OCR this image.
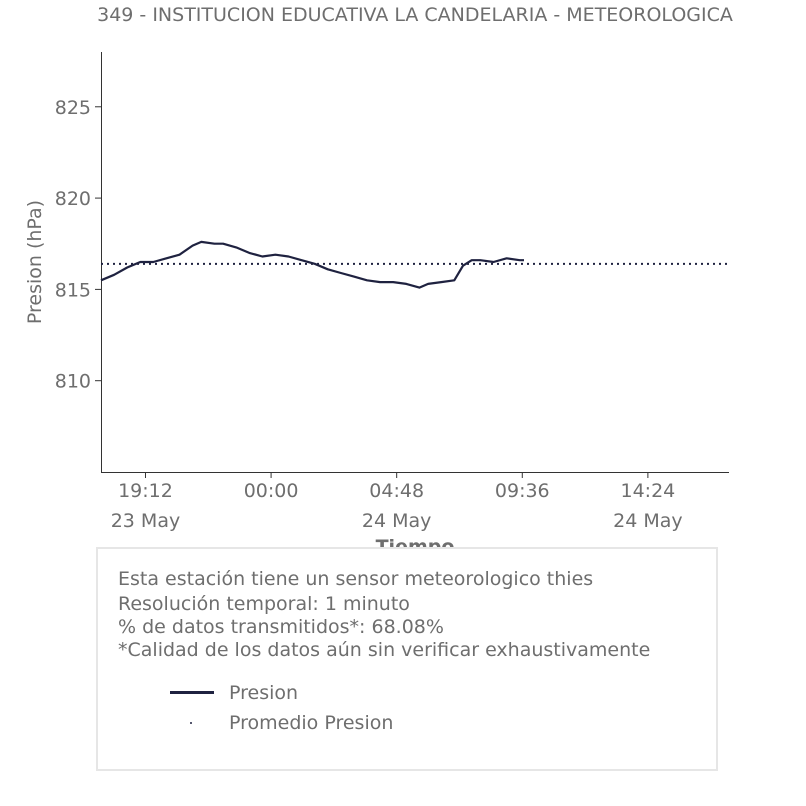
349 - INSTITUCION EDUCATIVA LA CANDELARIA - METEOROLOGICA
Presion (hPa)
810
815
820
825
19:12
23 May
00:00	04:48
24 May
09:36	14:24
24 May
Esta estación tiene un sensor meteorologico thies
Resolución temporal: 1 minuto
% de datos transmitidos*: 68.08%
*Calidad de los datos aún sin verificar exhaustivamente
Presion
Promedio Presion
